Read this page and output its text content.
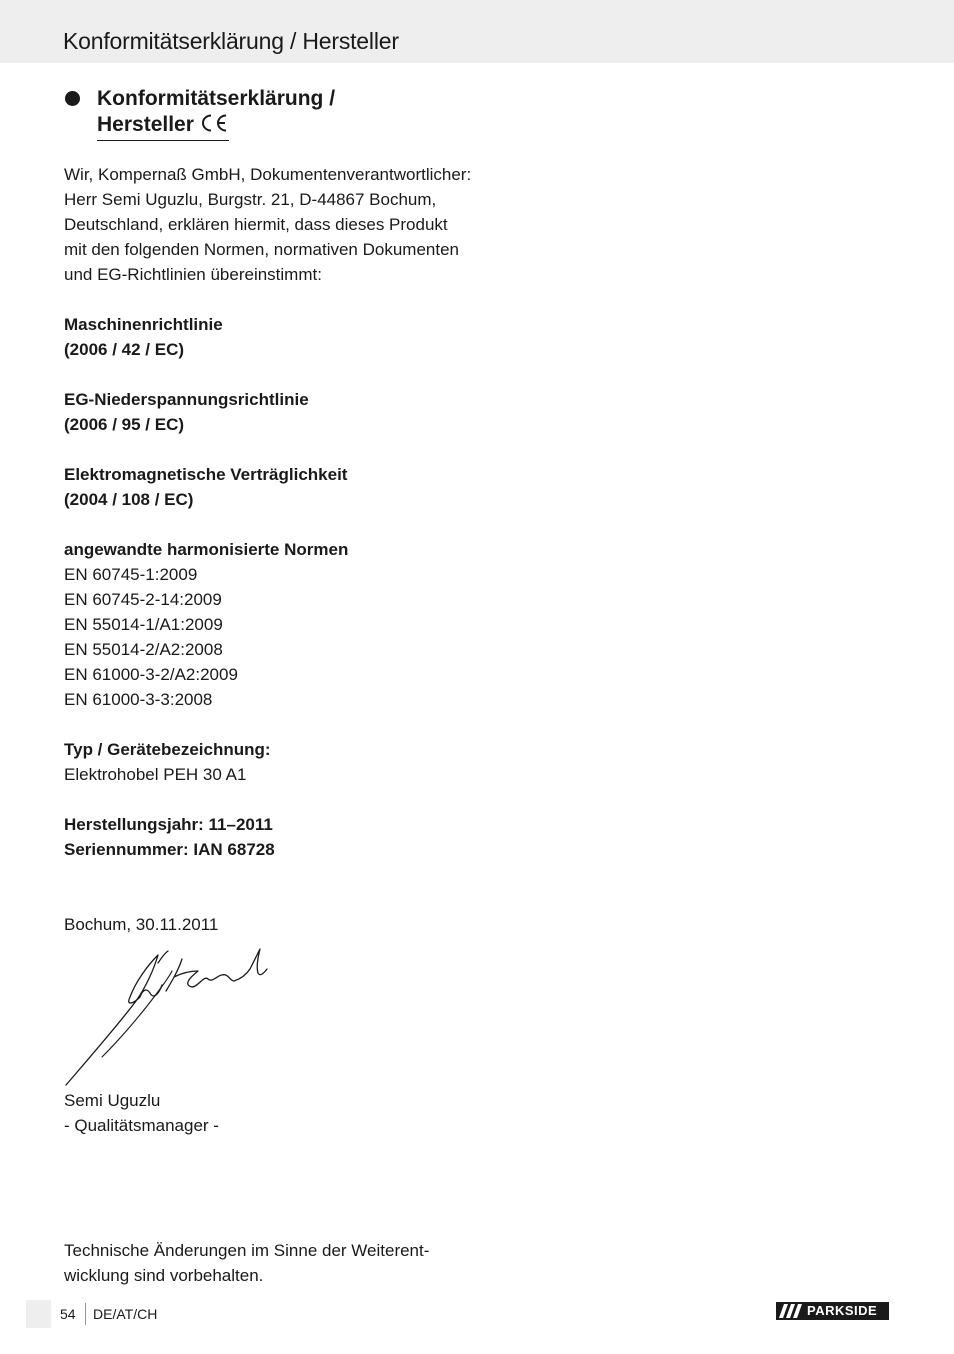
Konformitätserklärung / Hersteller
Konformitätserklärung /
Hersteller

Wir, Kompernaß GmbH, Dokumentenverantwortlicher:
Herr Semi Uguzlu, Burgstr. 21, D-44867 Bochum,
Deutschland, erklären hiermit, dass dieses Produkt
mit den folgenden Normen, normativen Dokumenten
und EG-Richtlinien übereinstimmt:

Maschinenrichtlinie
(2006 / 42 / EC)
EG-Niederspannungsrichtlinie
(2006 / 95 / EC)
Elektromagnetische Verträglichkeit
(2004 / 108 / EC)
angewandte harmonisierte Normen
EN 60745-1:2009
EN 60745-2-14:2009
EN 55014-1/A1:2009
EN 55014-2/A2:2008
EN 61000-3-2/A2:2009
EN 61000-3-3:2008
Typ / Gerätebezeichnung:
Elektrohobel PEH 30 A1
Herstellungsjahr: 11–2011
Seriennummer: IAN 68728
Bochum, 30.11.2011
Semi Uguzlu
- Qualitätsmanager -
Technische Änderungen im Sinne der Weiterent-
wicklung sind vorbehalten.
54 DE/AT/CH	PARKSIDE
